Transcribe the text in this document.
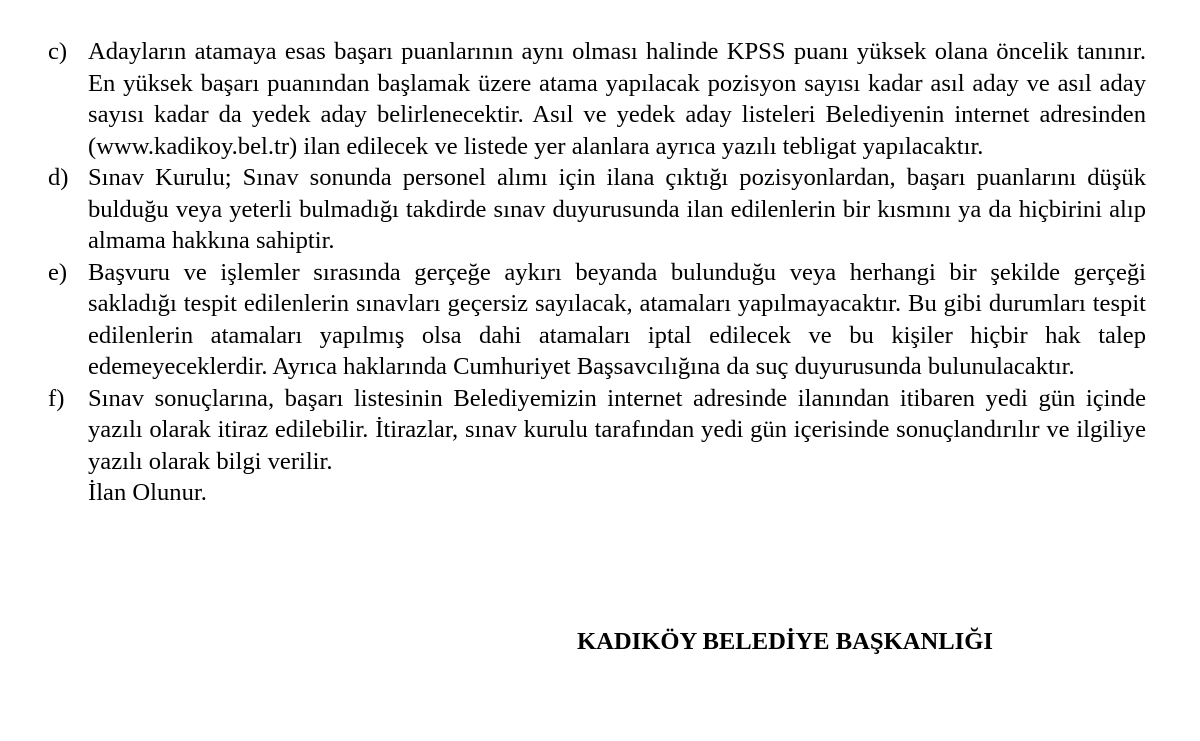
c) Adayların atamaya esas başarı puanlarının aynı olması halinde KPSS puanı yüksek olana öncelik tanınır. En yüksek başarı puanından başlamak üzere atama yapılacak pozisyon sayısı kadar asıl aday ve asıl aday sayısı kadar da yedek aday belirlenecektir. Asıl ve yedek aday listeleri Belediyenin internet adresinden (www.kadikoy.bel.tr) ilan edilecek ve listede yer alanlara ayrıca yazılı tebligat yapılacaktır.
d) Sınav Kurulu; Sınav sonunda personel alımı için ilana çıktığı pozisyonlardan, başarı puanlarını düşük bulduğu veya yeterli bulmadığı takdirde sınav duyurusunda ilan edilenlerin bir kısmını ya da hiçbirini alıp almama hakkına sahiptir.
e) Başvuru ve işlemler sırasında gerçeğe aykırı beyanda bulunduğu veya herhangi bir şekilde gerçeği sakladığı tespit edilenlerin sınavları geçersiz sayılacak, atamaları yapılmayacaktır. Bu gibi durumları tespit edilenlerin atamaları yapılmış olsa dahi atamaları iptal edilecek ve bu kişiler hiçbir hak talep edemeyeceklerdir. Ayrıca haklarında Cumhuriyet Başsavcılığına da suç duyurusunda bulunulacaktır.
f) Sınav sonuçlarına, başarı listesinin Belediyemizin internet adresinde ilanından itibaren yedi gün içinde yazılı olarak itiraz edilebilir. İtirazlar, sınav kurulu tarafından yedi gün içerisinde sonuçlandırılır ve ilgiliye yazılı olarak bilgi verilir.
İlan Olunur.
KADIKÖY BELEDİYE BAŞKANLIĞI
